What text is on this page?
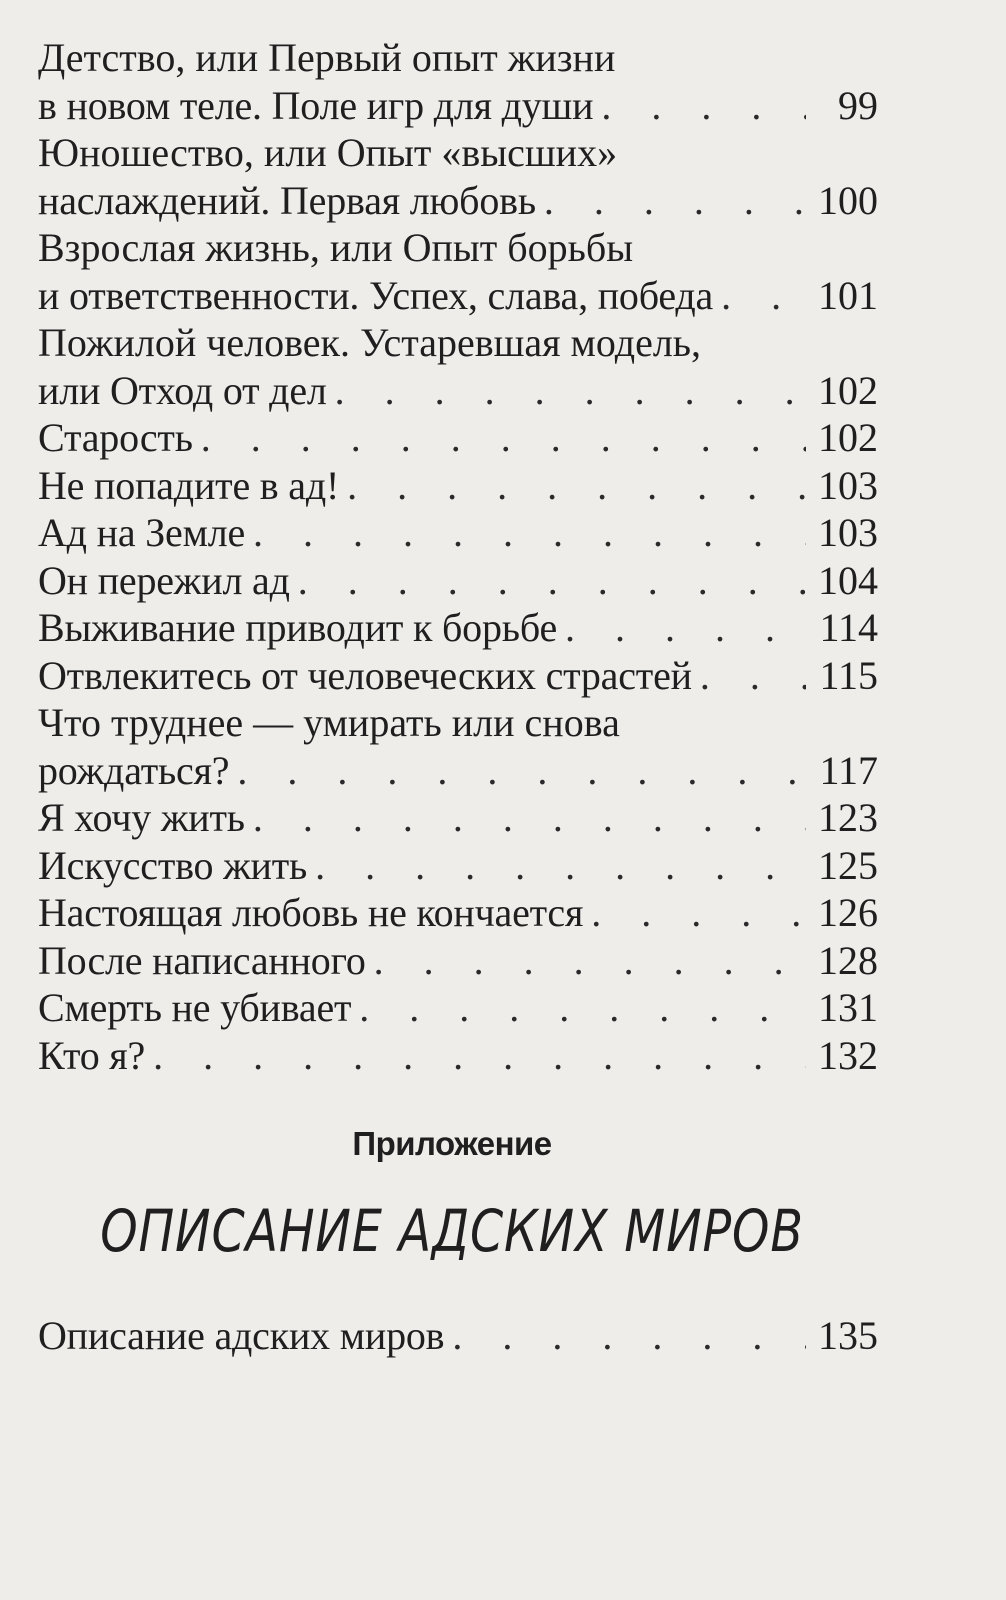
Детство, или Первый опыт жизни
в новом теле. Поле игр для души . . .	99
Юношество, или Опыт «высших»
наслаждений. Первая любовь . . .	100
Взрослая жизнь, или Опыт борьбы
и ответственности. Успех, слава, победа . . .	101
Пожилой человек. Устаревшая модель,
или Отход от дел . . .	102
Старость . . .	102
Не попадите в ад! . . .	103
Ад на Земле . . .	103
Он пережил ад . . .	104
Выживание приводит к борьбе . . .	114
Отвлекитесь от человеческих страстей . . .	115
Что труднее — умирать или снова
рождаться? . . .	117
Я хочу жить . . .	123
Искусство жить . . .	125
Настоящая любовь не кончается . . .	126
После написанного . . .	128
Смерть не убивает . . .	131
Кто я? . . .	132
Приложение
ОПИСАНИЕ АДСКИХ МИРОВ
Описание адских миров . . .	135
